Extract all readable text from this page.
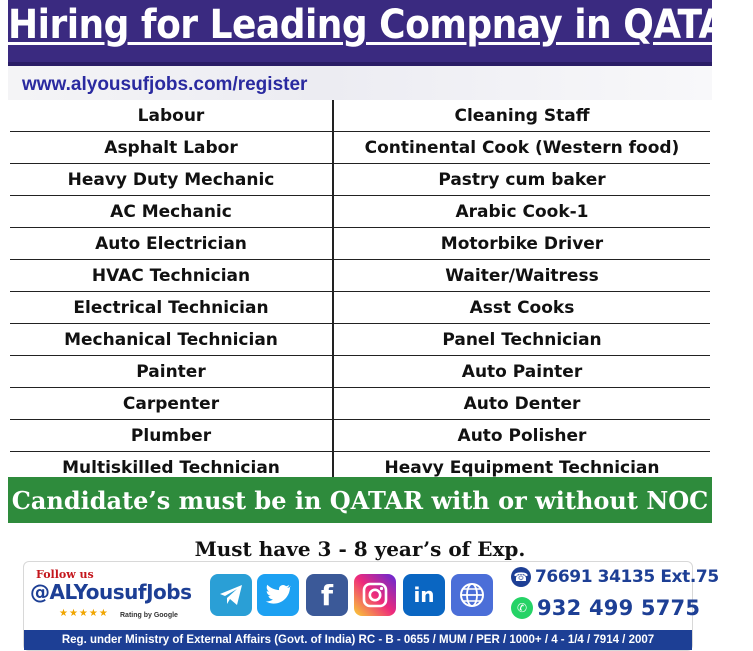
Hiring for Leading Compnay in QATAR
www.alyousufjobs.com/register
Labour	Cleaning Staff
Asphalt Labor	Continental Cook (Western food)
Heavy Duty Mechanic	Pastry cum baker
AC Mechanic	Arabic Cook-1
Auto Electrician	Motorbike Driver
HVAC Technician	Waiter/Waitress
Electrical Technician	Asst Cooks
Mechanical Technician	Panel Technician
Painter	Auto Painter
Carpenter	Auto Denter
Plumber	Auto Polisher
Multiskilled Technician	Heavy Equipment Technician
Candidate’s must be in QATAR with or without NOC
Must have 3 - 8 year’s of Exp.
Follow us
@ALYousufJobs
★★★★★ Rating by Google
f	in
☎ 76691 34135 Ext.75
✆ 932 499 5775
Reg. under Ministry of External Affairs (Govt. of India) RC - B - 0655 / MUM / PER / 1000+ / 4 - 1/4 / 7914 / 2007
